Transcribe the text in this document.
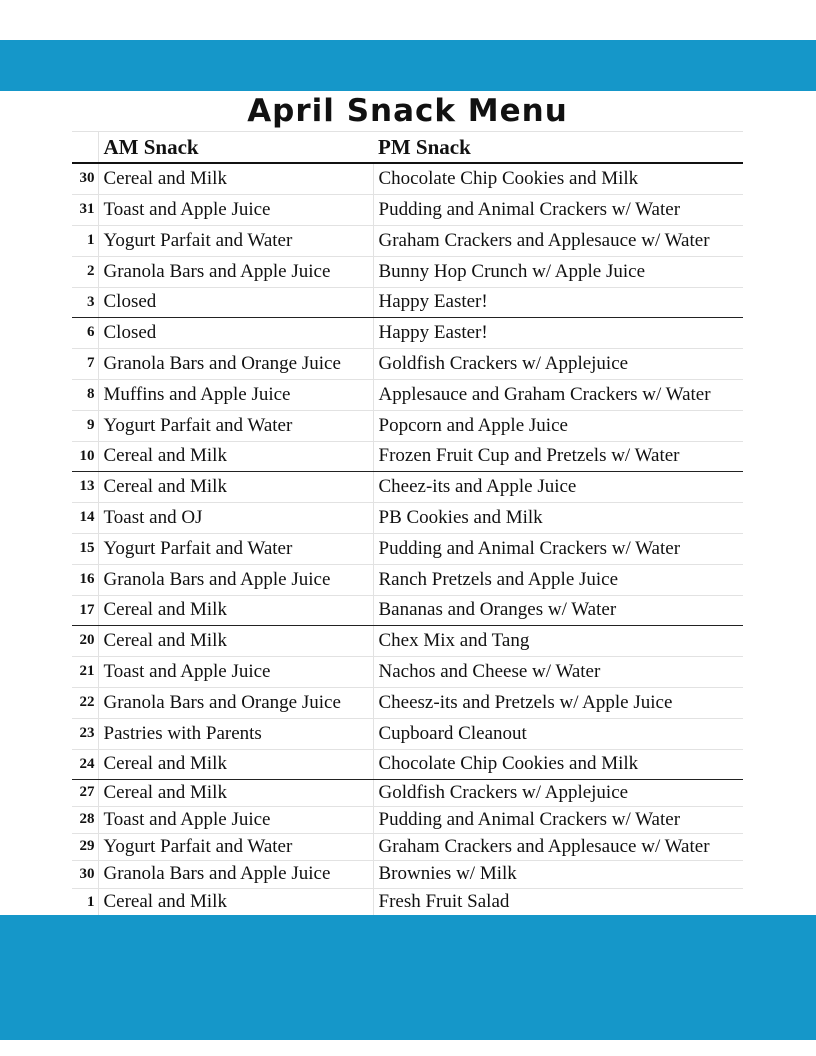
April Snack Menu		
	AM Snack	PM Snack
30	Cereal and Milk	Chocolate Chip Cookies and Milk
31	Toast and Apple Juice	Pudding and Animal Crackers w/ Water
1	Yogurt Parfait and Water	Graham Crackers and Applesauce w/ Water
2	Granola Bars and Apple Juice	Bunny Hop Crunch w/ Apple Juice
3	Closed	Happy Easter!
6	Closed	Happy Easter!
7	Granola Bars and Orange Juice	Goldfish Crackers w/ Applejuice
8	Muffins and Apple Juice	Applesauce and Graham Crackers w/ Water
9	Yogurt Parfait and Water	Popcorn and Apple Juice
10	Cereal and Milk	Frozen Fruit Cup and Pretzels w/ Water
13	Cereal and Milk	Cheez-its and Apple Juice
14	Toast and OJ	PB Cookies and Milk
15	Yogurt Parfait and Water	Pudding and Animal Crackers w/ Water
16	Granola Bars and Apple Juice	Ranch Pretzels and Apple Juice
17	Cereal and Milk	Bananas and Oranges w/ Water
20	Cereal and Milk	Chex Mix and Tang
21	Toast and Apple Juice	Nachos and Cheese w/ Water
22	Granola Bars and Orange Juice	Cheesz-its and Pretzels w/ Apple Juice
23	Pastries with Parents	Cupboard Cleanout
24	Cereal and Milk	Chocolate Chip Cookies and Milk
27	Cereal and Milk	Goldfish Crackers w/ Applejuice
28	Toast and Apple Juice	Pudding and Animal Crackers w/ Water
29	Yogurt Parfait and Water	Graham Crackers and Applesauce w/ Water
30	Granola Bars and Apple Juice	Brownies w/ Milk
1	Cereal and Milk	Fresh Fruit Salad
